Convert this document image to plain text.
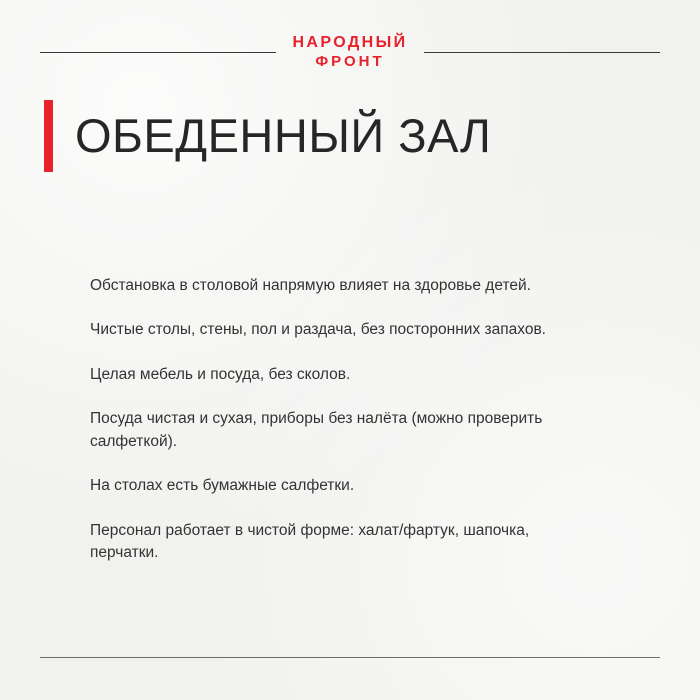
НАРОДНЫЙ
ФРОНТ
ОБЕДЕННЫЙ ЗАЛ

Обстановка в столовой напрямую влияет на здоровье детей.

Чистые столы, стены, пол и раздача, без посторонних запахов.

Целая мебель и посуда, без сколов.

Посуда чистая и сухая, приборы без налёта (можно проверить салфеткой).

На столах есть бумажные салфетки.

Персонал работает в чистой форме: халат/фартук, шапочка, перчатки.
